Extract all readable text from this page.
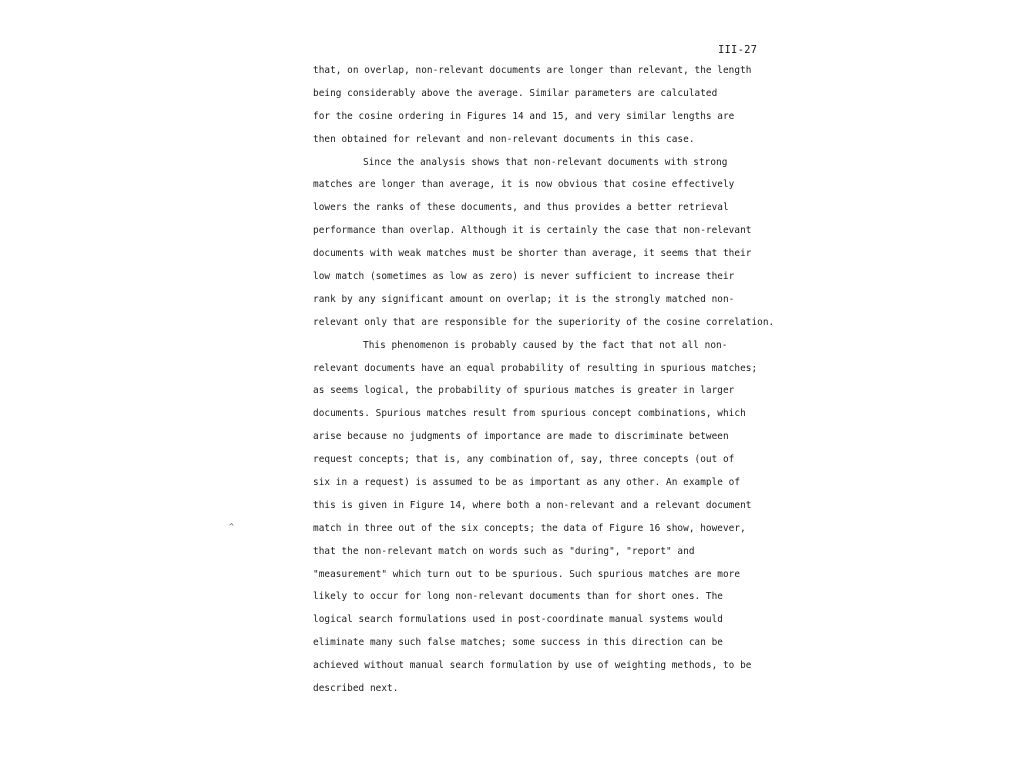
III-27
^
that, on overlap, non-relevant documents are longer than relevant, the length
being considerably above the average. Similar parameters are calculated
for the cosine ordering in Figures 14 and 15, and very similar lengths are
then obtained for relevant and non-relevant documents in this case.
Since the analysis shows that non-relevant documents with strong
matches are longer than average, it is now obvious that cosine effectively
lowers the ranks of these documents, and thus provides a better retrieval
performance than overlap. Although it is certainly the case that non-relevant
documents with weak matches must be shorter than average, it seems that their
low match (sometimes as low as zero) is never sufficient to increase their
rank by any significant amount on overlap; it is the strongly matched non-
relevant only that are responsible for the superiority of the cosine correlation.
This phenomenon is probably caused by the fact that not all non-
relevant documents have an equal probability of resulting in spurious matches;
as seems logical, the probability of spurious matches is greater in larger
documents. Spurious matches result from spurious concept combinations, which
arise because no judgments of importance are made to discriminate between
request concepts; that is, any combination of, say, three concepts (out of
six in a request) is assumed to be as important as any other. An example of
this is given in Figure 14, where both a non-relevant and a relevant document
match in three out of the six concepts; the data of Figure 16 show, however,
that the non-relevant match on words such as "during", "report" and
"measurement" which turn out to be spurious. Such spurious matches are more
likely to occur for long non-relevant documents than for short ones. The
logical search formulations used in post-coordinate manual systems would
eliminate many such false matches; some success in this direction can be
achieved without manual search formulation by use of weighting methods, to be
described next.
